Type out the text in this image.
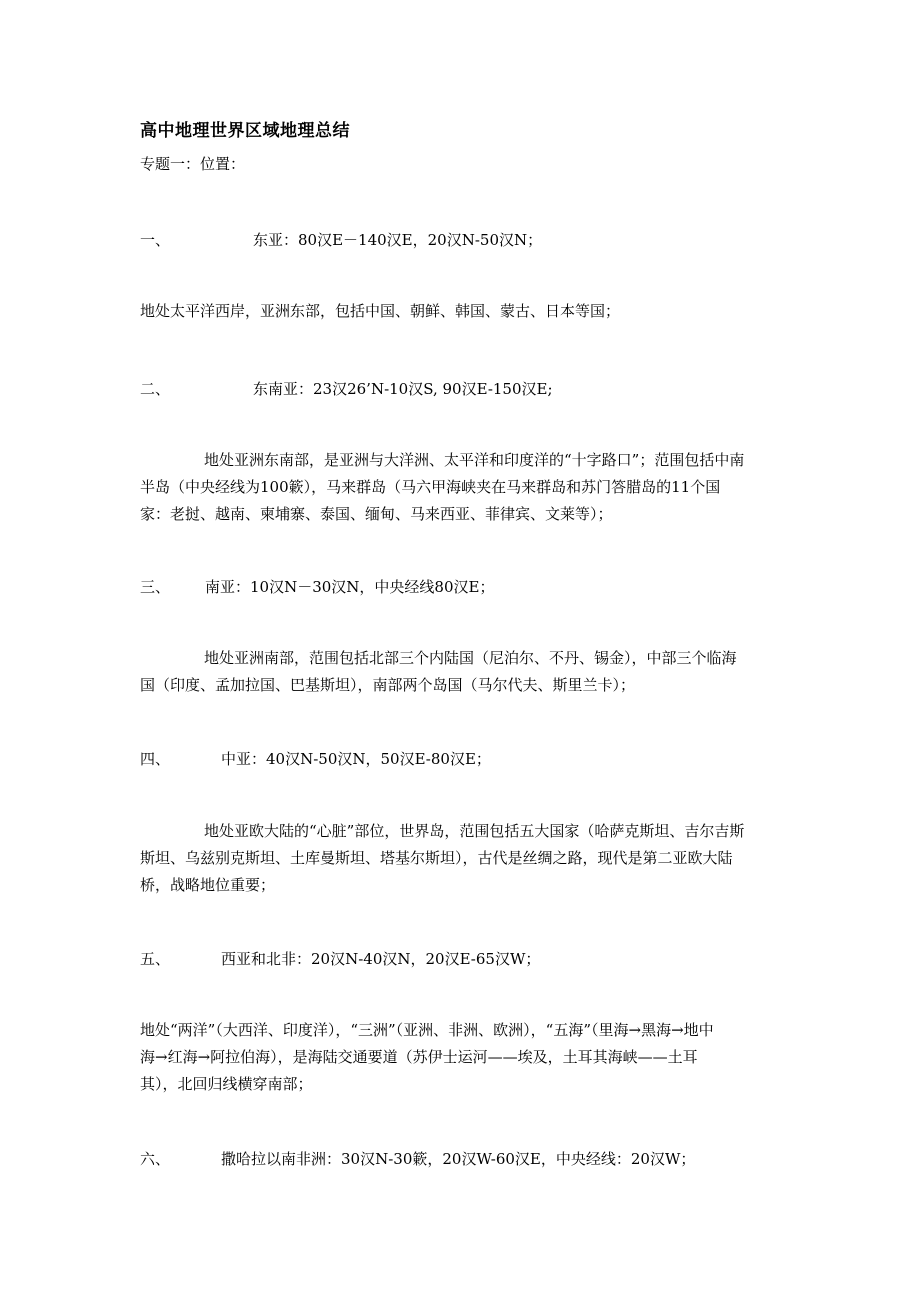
高中地理世界区域地理总结
专题一：位置：
一、	东亚：80汉E－140汉E，20汉N-50汉N；
地处太平洋西岸，亚洲东部，包括中国、朝鲜、韩国、蒙古、日本等国；
二、	东南亚：23汉26’N-10汉S, 90汉E-150汉E;
地处亚洲东南部，是亚洲与大洋洲、太平洋和印度洋的“十字路口”；范围包括中南
半岛（中央经线为100簌），马来群岛（马六甲海峡夹在马来群岛和苏门答腊岛的11个国
家：老挝、越南、柬埔寨、泰国、缅甸、马来西亚、菲律宾、文莱等）；
三、 南亚：10汉N－30汉N，中央经线80汉E；
地处亚洲南部，范围包括北部三个内陆国（尼泊尔、不丹、锡金），中部三个临海
国（印度、孟加拉国、巴基斯坦），南部两个岛国（马尔代夫、斯里兰卡）；
四、	中亚：40汉N-50汉N，50汉E-80汉E；
地处亚欧大陆的“心脏”部位，世界岛，范围包括五大国家（哈萨克斯坦、吉尔吉斯
斯坦、乌兹别克斯坦、土库曼斯坦、塔基尔斯坦），古代是丝绸之路，现代是第二亚欧大陆
桥，战略地位重要；
五、	西亚和北非：20汉N-40汉N，20汉E-65汉W；
地处“两洋”（大西洋、印度洋），“三洲”（亚洲、非洲、欧洲），“五海”（里海→黑海→地中
海→红海→阿拉伯海），是海陆交通要道（苏伊士运河——埃及，土耳其海峡——土耳
其），北回归线横穿南部；
六、	撒哈拉以南非洲：30汉N-30簌，20汉W-60汉E，中央经线：20汉W；
